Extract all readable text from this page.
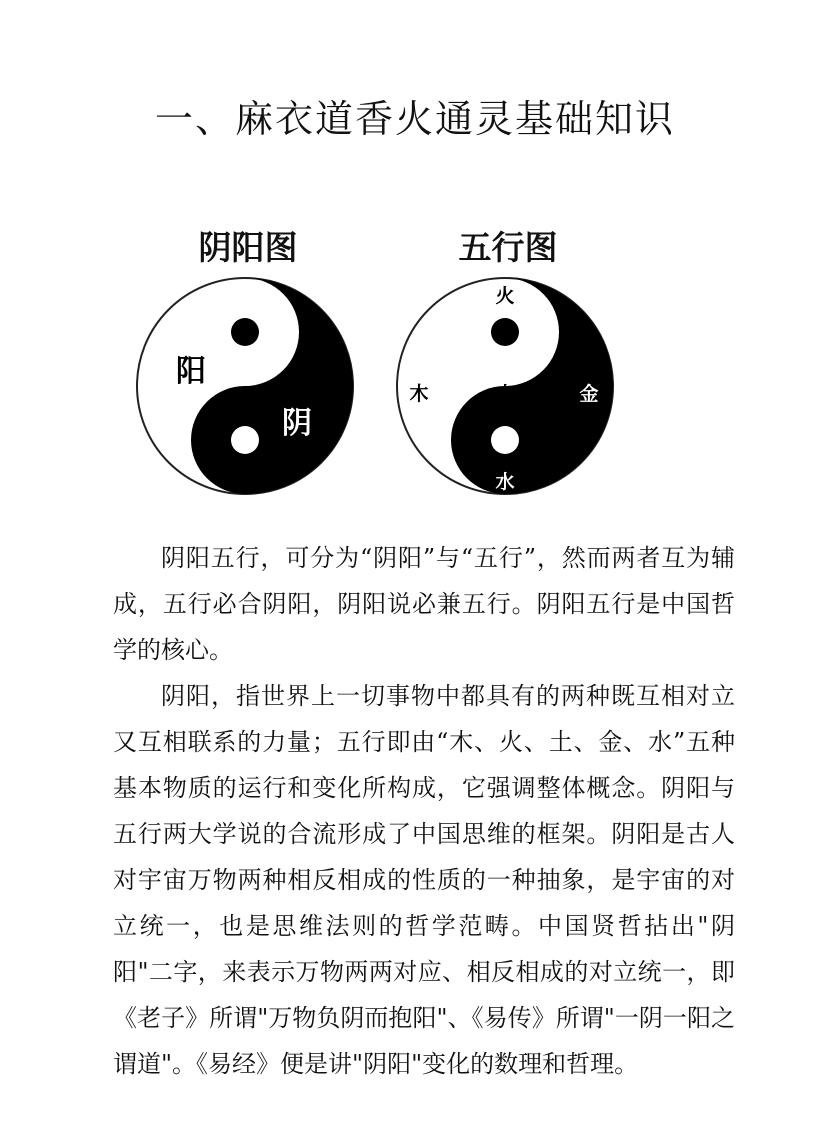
一、麻衣道香火通灵基础知识
阴阳图
阳
阴
五行图
火
木	土	金
水

阴阳五行，可分为“阴阳”与“五行”，然而两者互为辅成，五行必合阴阳，阴阳说必兼五行。阴阳五行是中国哲学的核心。

阴阳，指世界上一切事物中都具有的两种既互相对立又互相联系的力量；五行即由“木、火、土、金、水”五种基本物质的运行和变化所构成，它强调整体概念。阴阳与五行两大学说的合流形成了中国思维的框架。阴阳是古人对宇宙万物两种相反相成的性质的一种抽象，是宇宙的对立统一，也是思维法则的哲学范畴。中国贤哲拈出"阴阳"二字，来表示万物两两对应、相反相成的对立统一，即《老子》所谓"万物负阴而抱阳"、《易传》所谓"一阴一阳之谓道"。《易经》便是讲"阴阳"变化的数理和哲理。
